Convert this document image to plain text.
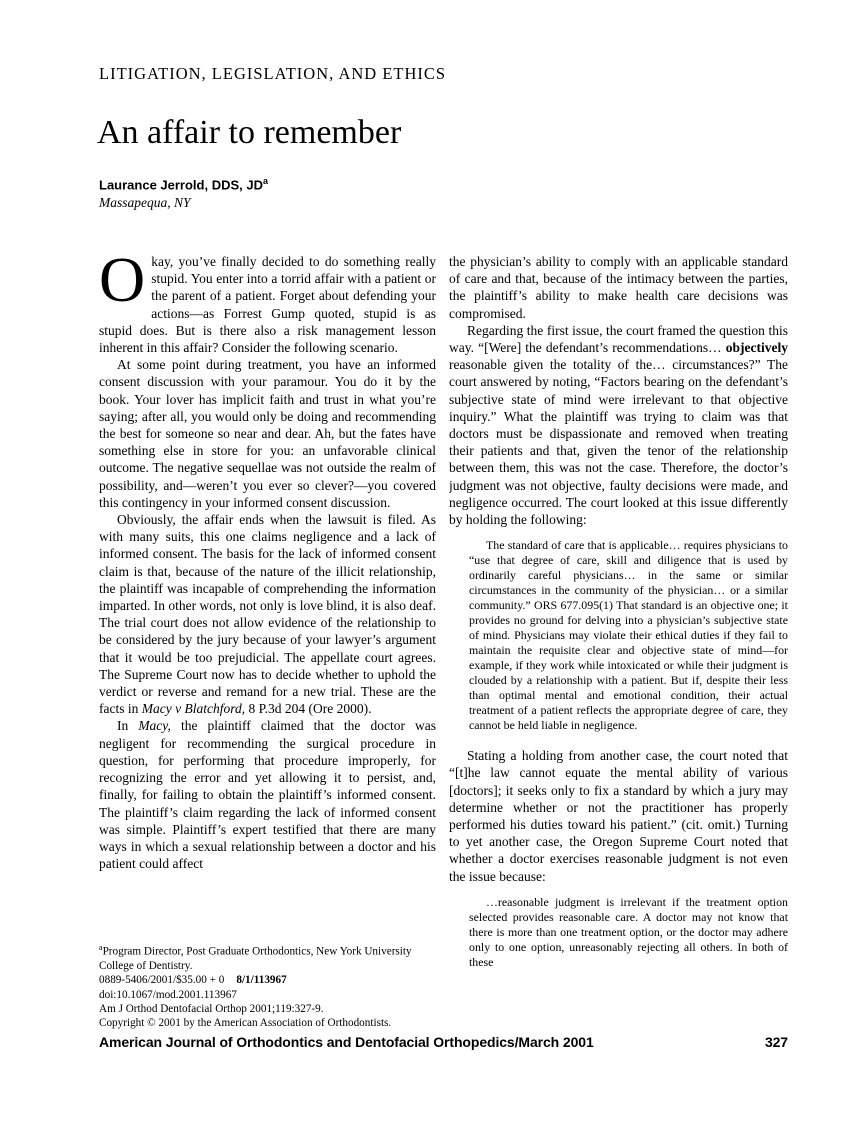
LITIGATION, LEGISLATION, AND ETHICS
An affair to remember
Laurance Jerrold, DDS, $JD^a$
Massapequa, NY

Okay, you’ve finally decided to do something really stupid. You enter into a torrid affair with a patient or the parent of a patient. Forget about defending your actions—as Forrest Gump quoted, stupid is as stupid does. But is there also a risk management lesson inherent in this affair? Consider the following scenario.

At some point during treatment, you have an informed consent discussion with your paramour. You do it by the book. Your lover has implicit faith and trust in what you’re saying; after all, you would only be doing and recommending the best for someone so near and dear. Ah, but the fates have something else in store for you: an unfavorable clinical outcome. The negative sequellae was not outside the realm of possibility, and—weren’t you ever so clever?—you covered this contingency in your informed consent discussion.

Obviously, the affair ends when the lawsuit is filed. As with many suits, this one claims negligence and a lack of informed consent. The basis for the lack of informed consent claim is that, because of the nature of the illicit relationship, the plaintiff was incapable of comprehending the information imparted. In other words, not only is love blind, it is also deaf. The trial court does not allow evidence of the relationship to be considered by the jury because of your lawyer’s argument that it would be too prejudicial. The appellate court agrees. The Supreme Court now has to decide whether to uphold the verdict or reverse and remand for a new trial. These are the facts in Macy v Blatchford, 8 P.3d 204 (Ore 2000).

In Macy, the plaintiff claimed that the doctor was negligent for recommending the surgical procedure in question, for performing that procedure improperly, for recognizing the error and yet allowing it to persist, and, finally, for failing to obtain the plaintiff’s informed consent. The plaintiff’s claim regarding the lack of informed consent was simple. Plaintiff’s expert testified that there are many ways in which a sexual relationship between a doctor and his patient could affect

the physician’s ability to comply with an applicable standard of care and that, because of the intimacy between the parties, the plaintiff’s ability to make health care decisions was compromised.

Regarding the first issue, the court framed the question this way. “[Were] the defendant’s recommendations… objectively reasonable given the totality of the… circumstances?” The court answered by noting, “Factors bearing on the defendant’s subjective state of mind were irrelevant to that objective inquiry.” What the plaintiff was trying to claim was that doctors must be dispassionate and removed when treating their patients and that, given the tenor of the relationship between them, this was not the case. Therefore, the doctor’s judgment was not objective, faulty decisions were made, and negligence occurred. The court looked at this issue differently by holding the following:

The standard of care that is applicable… requires physicians to “use that degree of care, skill and diligence that is used by ordinarily careful physicians… in the same or similar circumstances in the community of the physician… or a similar community.” ORS 677.095(1) That standard is an objective one; it provides no ground for delving into a physician’s subjective state of mind. Physicians may violate their ethical duties if they fail to maintain the requisite clear and objective state of mind—for example, if they work while intoxicated or while their judgment is clouded by a relationship with a patient. But if, despite their less than optimal mental and emotional condition, their actual treatment of a patient reflects the appropriate degree of care, they cannot be held liable in negligence.

Stating a holding from another case, the court noted that “[t]he law cannot equate the mental ability of various [doctors]; it seeks only to fix a standard by which a jury may determine whether or not the practitioner has properly performed his duties toward his patient.” (cit. omit.) Turning to yet another case, the Oregon Supreme Court noted that whether a doctor exercises reasonable judgment is not even the issue because:

…reasonable judgment is irrelevant if the treatment option selected provides reasonable care. A doctor may not know that there is more than one treatment option, or the doctor may adhere only to one option, unreasonably rejecting all others. In both of these

$^a$Program Director, Post Graduate Orthodontics, New York University College of Dentistry.

0889-5406/2001/$35.00 + 0 8/1/113967

doi:10.1067/mod.2001.113967

Am J Orthod Dentofacial Orthop 2001;119:327-9.

Copyright © 2001 by the American Association of Orthodontists.

American Journal of Orthodontics and Dentofacial Orthopedics/March 2001	327
